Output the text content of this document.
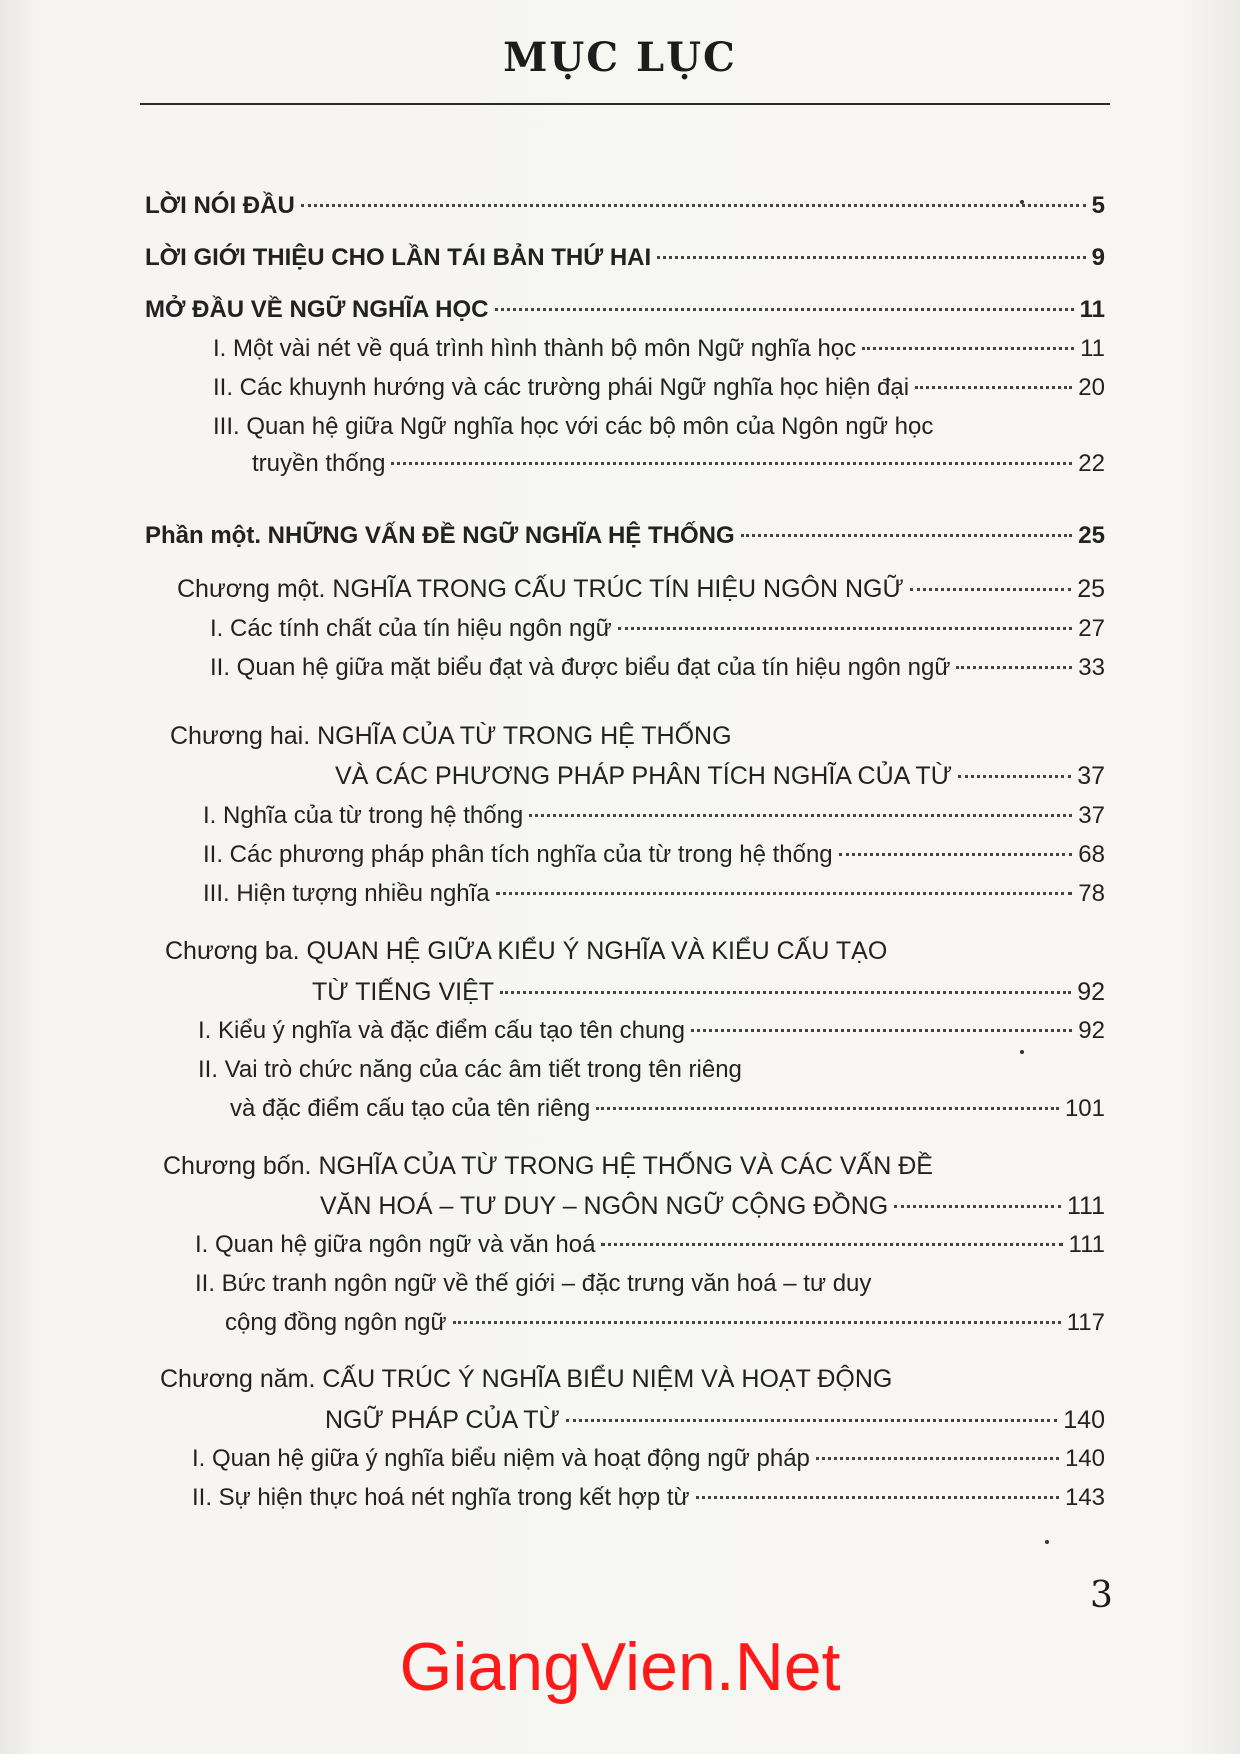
MỤC LỤC
LỜI NÓI ĐẦU	5
LỜI GIỚI THIỆU CHO LẦN TÁI BẢN THỨ HAI	9
MỞ ĐẦU VỀ NGỮ NGHĨA HỌC	11
I. Một vài nét về quá trình hình thành bộ môn Ngữ nghĩa học	11
II. Các khuynh hướng và các trường phái Ngữ nghĩa học hiện đại	20
III. Quan hệ giữa Ngữ nghĩa học với các bộ môn của Ngôn ngữ học
truyền thống	22
Phần một. NHỮNG VẤN ĐỀ NGỮ NGHĨA HỆ THỐNG	25
Chương một. NGHĨA TRONG CẤU TRÚC TÍN HIỆU NGÔN NGỮ	25
I. Các tính chất của tín hiệu ngôn ngữ	27
II. Quan hệ giữa mặt biểu đạt và được biểu đạt của tín hiệu ngôn ngữ	33
Chương hai. NGHĨA CỦA TỪ TRONG HỆ THỐNG
VÀ CÁC PHƯƠNG PHÁP PHÂN TÍCH NGHĨA CỦA TỪ	37
I. Nghĩa của từ trong hệ thống	37
II. Các phương pháp phân tích nghĩa của từ trong hệ thống	68
III. Hiện tượng nhiều nghĩa	78
Chương ba. QUAN HỆ GIỮA KIỂU Ý NGHĨA VÀ KIỂU CẤU TẠO
TỪ TIẾNG VIỆT	92
I. Kiểu ý nghĩa và đặc điểm cấu tạo tên chung	92
II. Vai trò chức năng của các âm tiết trong tên riêng
và đặc điểm cấu tạo của tên riêng	101
Chương bốn. NGHĨA CỦA TỪ TRONG HỆ THỐNG VÀ CÁC VẤN ĐỀ
VĂN HOÁ – TƯ DUY – NGÔN NGỮ CỘNG ĐỒNG	111
I. Quan hệ giữa ngôn ngữ và văn hoá	111
II. Bức tranh ngôn ngữ về thế giới – đặc trưng văn hoá – tư duy
cộng đồng ngôn ngữ	117
Chương năm. CẤU TRÚC Ý NGHĨA BIỂU NIỆM VÀ HOẠT ĐỘNG
NGỮ PHÁP CỦA TỪ	140
I. Quan hệ giữa ý nghĩa biểu niệm và hoạt động ngữ pháp	140
II. Sự hiện thực hoá nét nghĩa trong kết hợp từ	143
3
GiangVien.Net
